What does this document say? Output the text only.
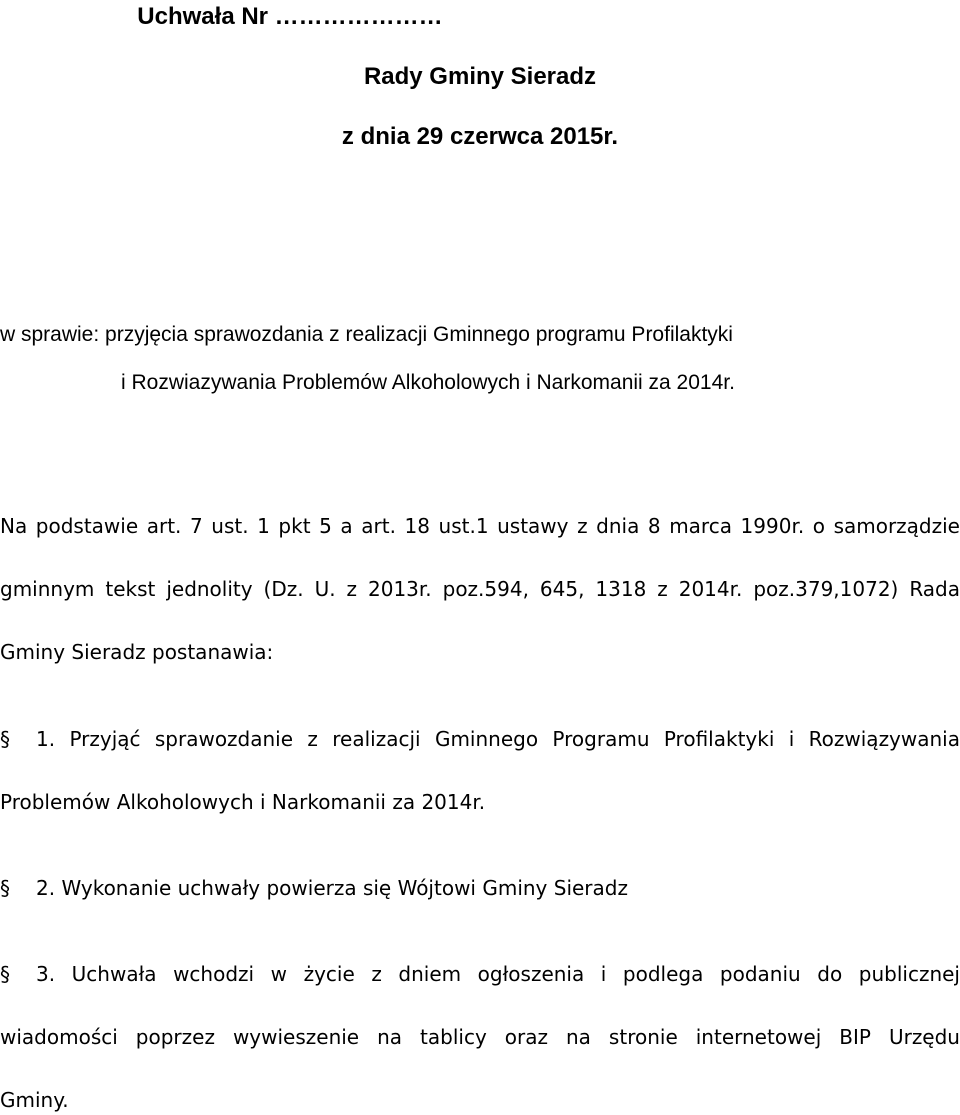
Uchwała Nr …………………
Rady Gminy Sieradz
z dnia 29 czerwca 2015r.
w sprawie: przyjęcia sprawozdania z realizacji Gminnego programu Profilaktyki
i Rozwiazywania Problemów Alkoholowych i Narkomanii za 2014r.
Na podstawie art. 7 ust. 1 pkt 5 a art. 18 ust.1 ustawy z dnia 8 marca 1990r. o samorządzie
gminnym tekst jednolity (Dz. U. z 2013r. poz.594, 645, 1318 z 2014r. poz.379,1072) Rada
Gminy Sieradz postanawia:
§ 1. Przyjąć sprawozdanie z realizacji Gminnego Programu Profilaktyki i Rozwiązywania
Problemów Alkoholowych i Narkomanii za 2014r.
§ 2. Wykonanie uchwały powierza się Wójtowi Gminy Sieradz
§ 3. Uchwała wchodzi w życie z dniem ogłoszenia i podlega podaniu do publicznej
wiadomości poprzez wywieszenie na tablicy oraz na stronie internetowej BIP Urzędu
Gminy.
